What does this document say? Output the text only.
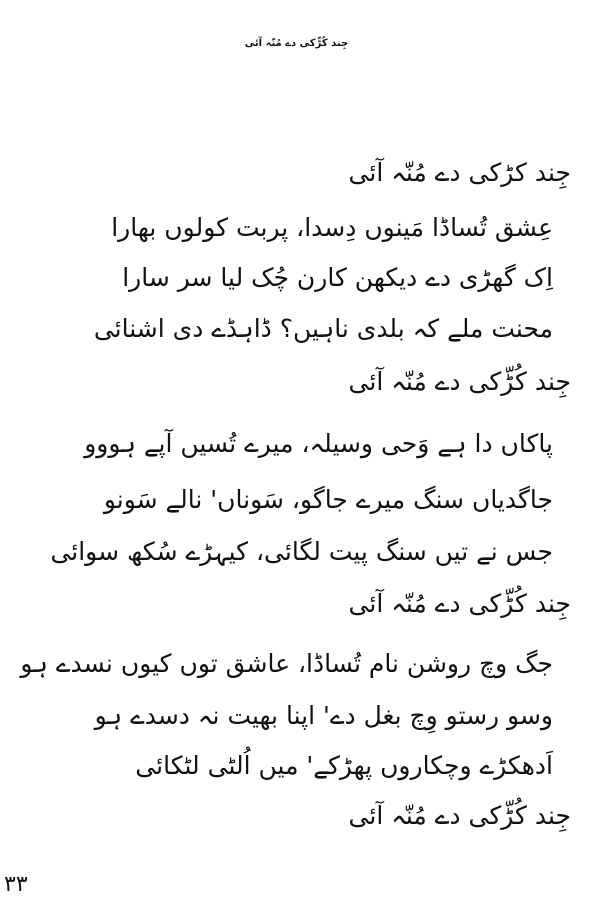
جِند کُڑّکی دے مُنّہ آئی
جِند کڑکی دے مُنّہ آئی
عِشق تُساڈا مَینوں دِسدا، پربت کولوں بھارا
اِک گھڑی دے دیکھن کارن چُک لیا سر سارا
محنت ملے کہ بلدی ناہیں؟ ڈاہڈے دی اشنائی
جِند کُڑّکی دے مُنّہ آئی
پاکاں دا ہے وَحی وسیلہ، میرے تُسیں آپے ہووو
جاگدیاں سنگ میرے جاگو، سَوناں' نالے سَونو
جس نے تیں سنگ پیت لگائی، کیہڑے سُکھ سوائی
جِند کُڑّکی دے مُنّہ آئی
جگ وچ روشن نام تُساڈا، عاشق توں کیوں نسدے ہو
وسو رستو وِچ بغل دے' اپنا بھیت نہ دسدے ہو
اَدھکڑے وچکاروں پھڑکے' میں اُلٹی لٹکائی
جِند کُڑّکی دے مُنّہ آئی
٣٣
